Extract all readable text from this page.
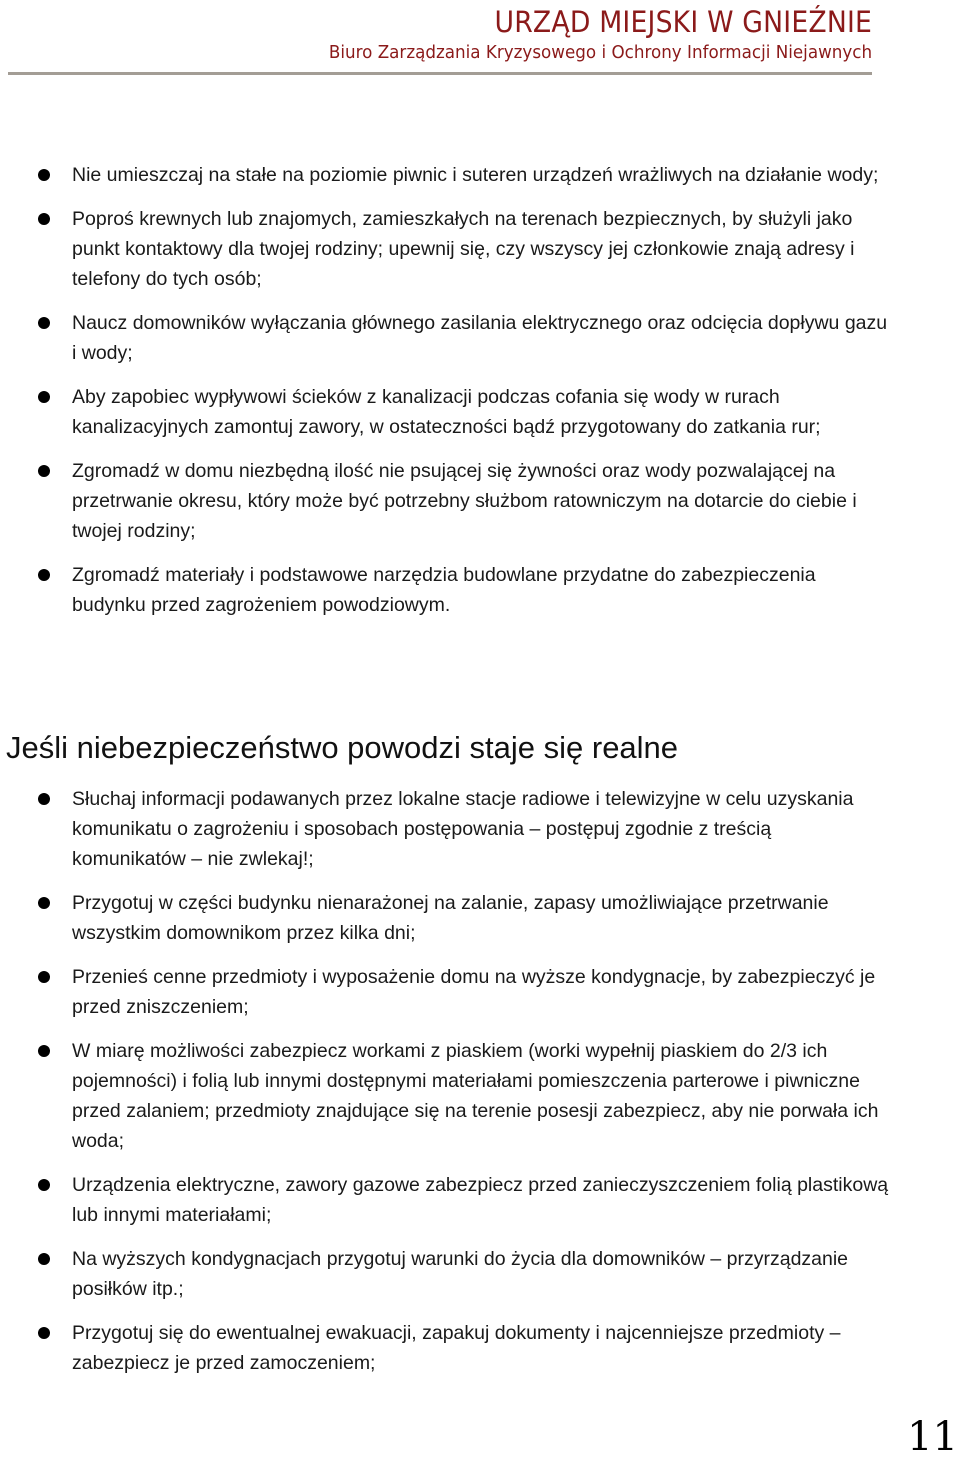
URZĄD MIEJSKI W GNIEŹNIE
Biuro Zarządzania Kryzysowego i Ochrony Informacji Niejawnych
Nie umieszczaj na stałe na poziomie piwnic i suteren urządzeń wrażliwych na działanie wody;
Poproś krewnych lub znajomych, zamieszkałych na terenach bezpiecznych, by służyli jako punkt kontaktowy dla twojej rodziny; upewnij się, czy wszyscy jej członkowie znają adresy i telefony do tych osób;
Naucz domowników wyłączania głównego zasilania elektrycznego oraz odcięcia dopływu gazu i wody;
Aby zapobiec wypływowi ścieków z kanalizacji podczas cofania się wody w rurach kanalizacyjnych zamontuj zawory, w ostateczności bądź przygotowany do zatkania rur;
Zgromadź w domu niezbędną ilość nie psującej się żywności oraz wody pozwalającej na przetrwanie okresu, który może być potrzebny służbom ratowniczym na dotarcie do ciebie i twojej rodziny;
Zgromadź materiały i podstawowe narzędzia budowlane przydatne do zabezpieczenia budynku przed zagrożeniem powodziowym.
Jeśli niebezpieczeństwo powodzi staje się realne
Słuchaj informacji podawanych przez lokalne stacje radiowe i telewizyjne w celu uzyskania komunikatu o zagrożeniu i sposobach postępowania – postępuj zgodnie z treścią komunikatów – nie zwlekaj!;
Przygotuj w części budynku nienarażonej na zalanie, zapasy umożliwiające przetrwanie wszystkim domownikom przez kilka dni;
Przenieś cenne przedmioty i wyposażenie domu na wyższe kondygnacje, by zabezpieczyć je przed zniszczeniem;
W miarę możliwości zabezpiecz workami z piaskiem (worki wypełnij piaskiem do 2/3 ich pojemności) i folią lub innymi dostępnymi materiałami pomieszczenia parterowe i piwniczne przed zalaniem; przedmioty znajdujące się na terenie posesji zabezpiecz, aby nie porwała ich woda;
Urządzenia elektryczne, zawory gazowe zabezpiecz przed zanieczyszczeniem folią plastikową lub innymi materiałami;
Na wyższych kondygnacjach przygotuj warunki do życia dla domowników – przyrządzanie posiłków itp.;
Przygotuj się do ewentualnej ewakuacji, zapakuj dokumenty i najcenniejsze przedmioty – zabezpiecz je przed zamoczeniem;
11
